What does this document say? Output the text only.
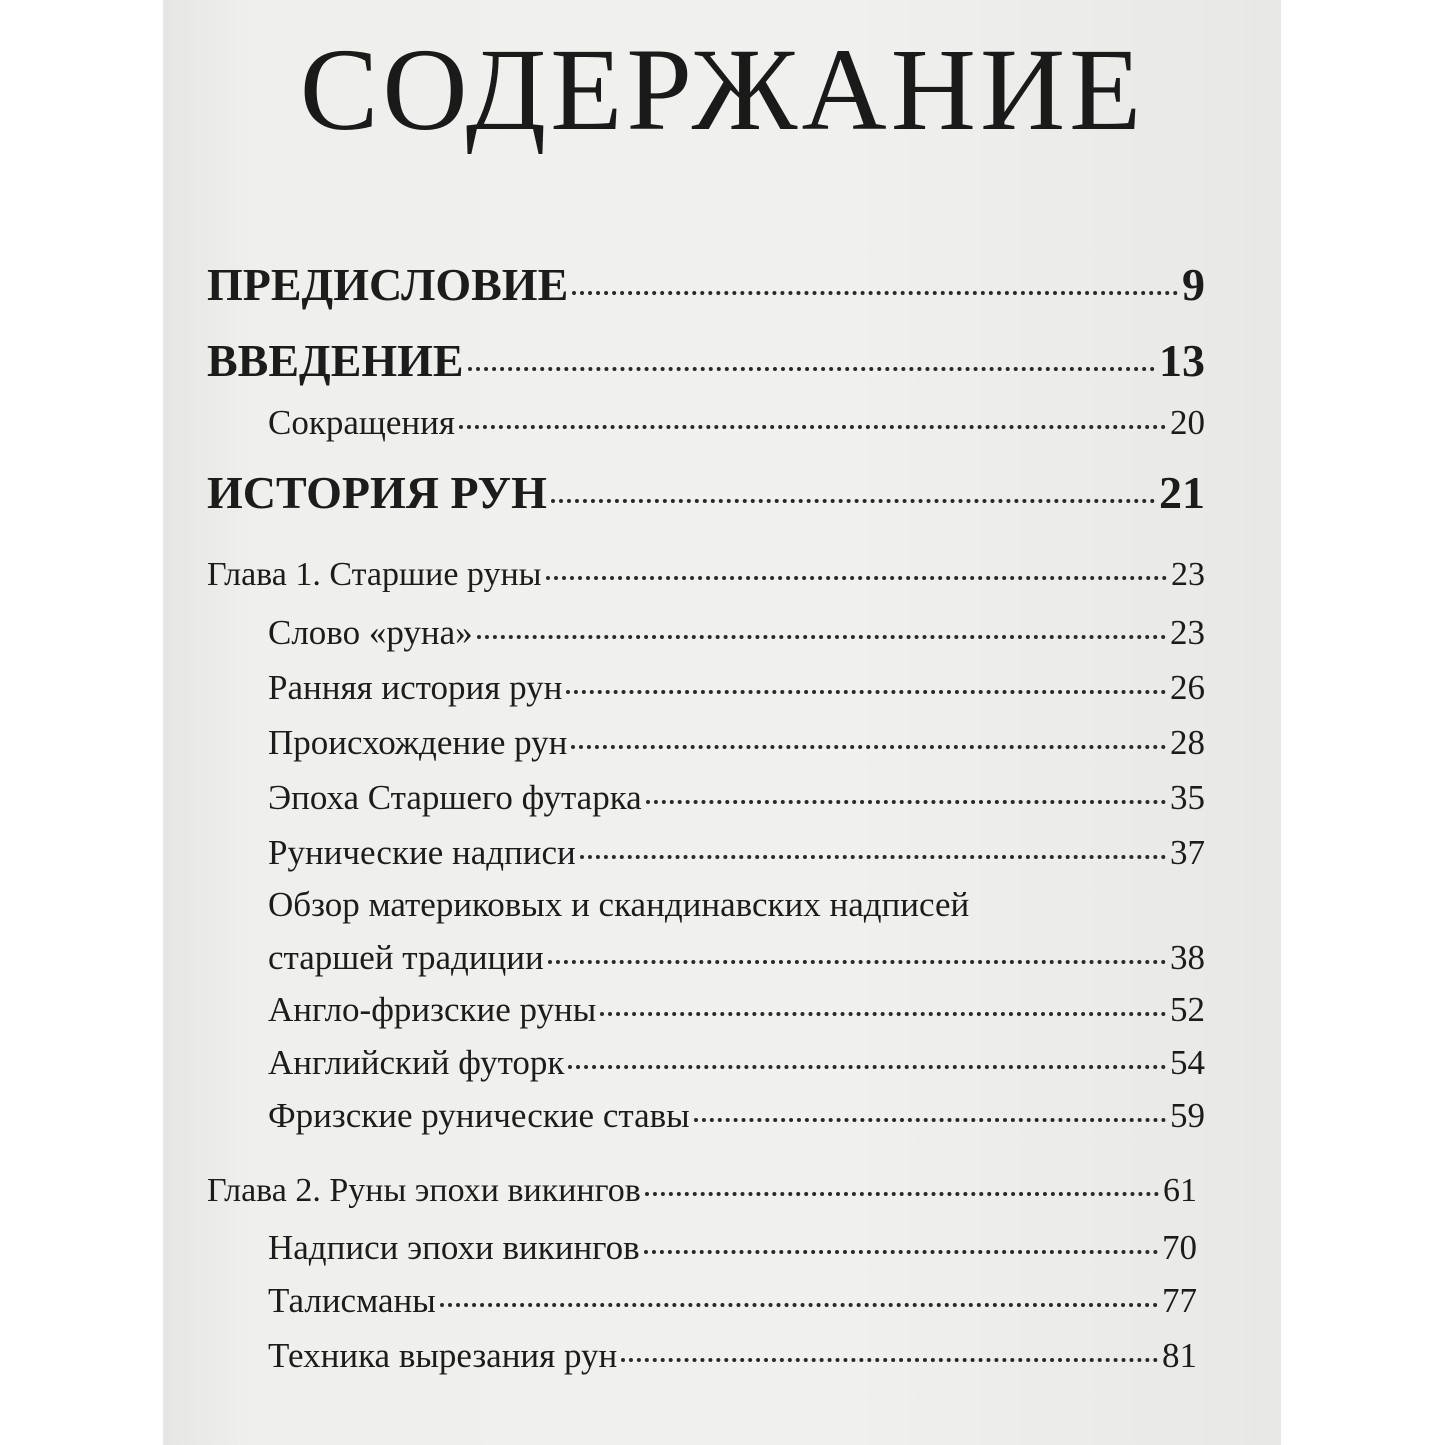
СОДЕРЖАНИЕ
ПРЕДИСЛОВИЕ	9
ВВЕДЕНИЕ	13
Сокращения	20
ИСТОРИЯ РУН	21
Глава 1. Старшие руны	23
Слово «руна»	23
Ранняя история рун	26
Происхождение рун	28
Эпоха Старшего футарка	35
Рунические надписи	37
Обзор материковых и скандинавских надписей
старшей традиции	38
Англо-фризские руны	52
Английский футорк	54
Фризские рунические ставы	59
Глава 2. Руны эпохи викингов	61
Надписи эпохи викингов	70
Талисманы	77
Техника вырезания рун	81
